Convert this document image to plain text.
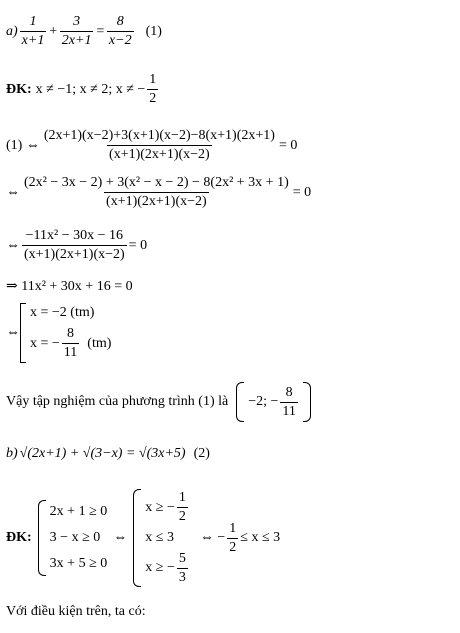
$a) \frac{1}{x+1} + \frac{3}{2x+1} = \frac{8}{x-2} (1)$
ĐK: x ≠ −1; x ≠ 2; x ≠ − $\frac{1}{2}$
(1) ⇔ $\frac{(2x+1)(x-2)+3(x+1)(x-2)-8(x+1)(2x+1)}{(x+1)(2x+1)(x-2)} = 0$
⇔ $\frac{\text{(2x² − 3x − 2) + 3(x² − x − 2) − 8(2x² + 3x + 1)}}{(x+1)(2x+1)(x-2)} = 0$
⇔ $\frac{\text{−11x² − 30x − 16}}{(x+1)(2x+1)(x-2)} = 0$
⇒ 11x² + 30x + 16 = 0
⇔
x = −2 (tm)
x = − $\frac{8}{11} (tm)$
Vậy tập nghiệm của phương trình (1) là −2; − $\frac{8}{11}$
b) √(2x+1) + √(3−x) = √(3x+5) (2)
ĐK:
2x + 1 ≥ 0
3 − x ≥ 0
3x + 5 ≥ 0
⇔
x ≥ − $\frac{1}{2}$
x ≤ 3
x ≥ − $\frac{5}{3}$
⇔ − $\frac{1}{2} \le x \le 3$
Với điều kiện trên, ta có:
